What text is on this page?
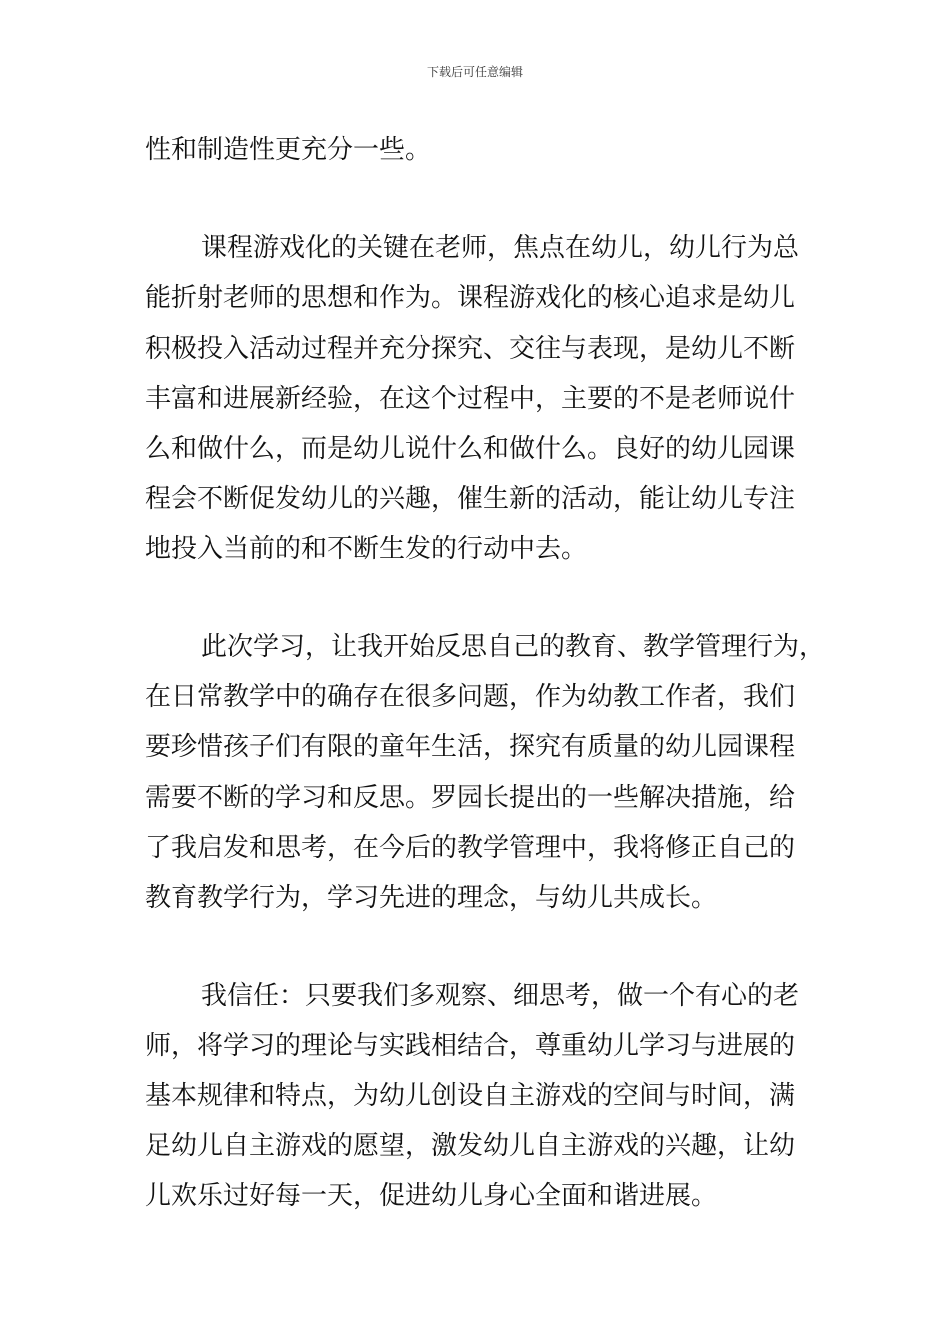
下载后可任意编辑
性和制造性更充分一些。
课程游戏化的关键在老师，焦点在幼儿，幼儿行为总
能折射老师的思想和作为。课程游戏化的核心追求是幼儿
积极投入活动过程并充分探究、交往与表现，是幼儿不断
丰富和进展新经验，在这个过程中，主要的不是老师说什
么和做什么，而是幼儿说什么和做什么。良好的幼儿园课
程会不断促发幼儿的兴趣，催生新的活动，能让幼儿专注
地投入当前的和不断生发的行动中去。
此次学习，让我开始反思自己的教育、教学管理行为，
在日常教学中的确存在很多问题，作为幼教工作者，我们
要珍惜孩子们有限的童年生活，探究有质量的幼儿园课程
需要不断的学习和反思。罗园长提出的一些解决措施，给
了我启发和思考，在今后的教学管理中，我将修正自己的
教育教学行为，学习先进的理念，与幼儿共成长。
我信任：只要我们多观察、细思考，做一个有心的老
师，将学习的理论与实践相结合，尊重幼儿学习与进展的
基本规律和特点，为幼儿创设自主游戏的空间与时间，满
足幼儿自主游戏的愿望，激发幼儿自主游戏的兴趣，让幼
儿欢乐过好每一天，促进幼儿身心全面和谐进展。
